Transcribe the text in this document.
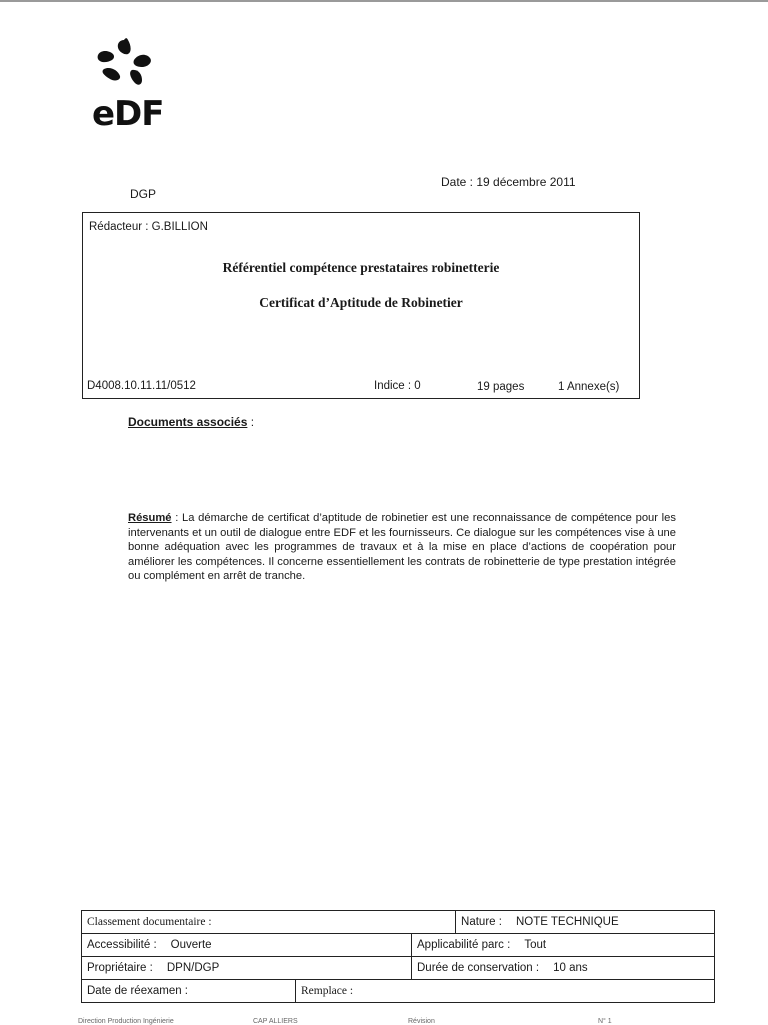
eDF
DGP
Date : 19 décembre 2011
Rédacteur : G.BILLION
Référentiel compétence prestataires robinetterie
Certificat d’Aptitude de Robinetier
D4008.10.11.11/0512	Indice : 0	19 pages	1 Annexe(s)
Documents associés :
Résumé : La démarche de certificat d’aptitude de robinetier est une reconnaissance de compétence pour les intervenants et un outil de dialogue entre EDF et les fournisseurs. Ce dialogue sur les compétences vise à une bonne adéquation avec les programmes de travaux et à la mise en place d’actions de coopération pour améliorer les compétences. Il concerne essentiellement les contrats de robinetterie de type prestation intégrée ou complément en arrêt de tranche.
Classement documentaire :			Nature : NOTE TECHNIQUE
Accessibilité : Ouverte		Applicabilité parc : Tout	
Propriétaire : DPN/DGP		Durée de conservation : 10 ans	
Date de réexamen :	Remplace :		
Direction Production Ingénierie	CAP ALLIERS	Révision	N° 1
